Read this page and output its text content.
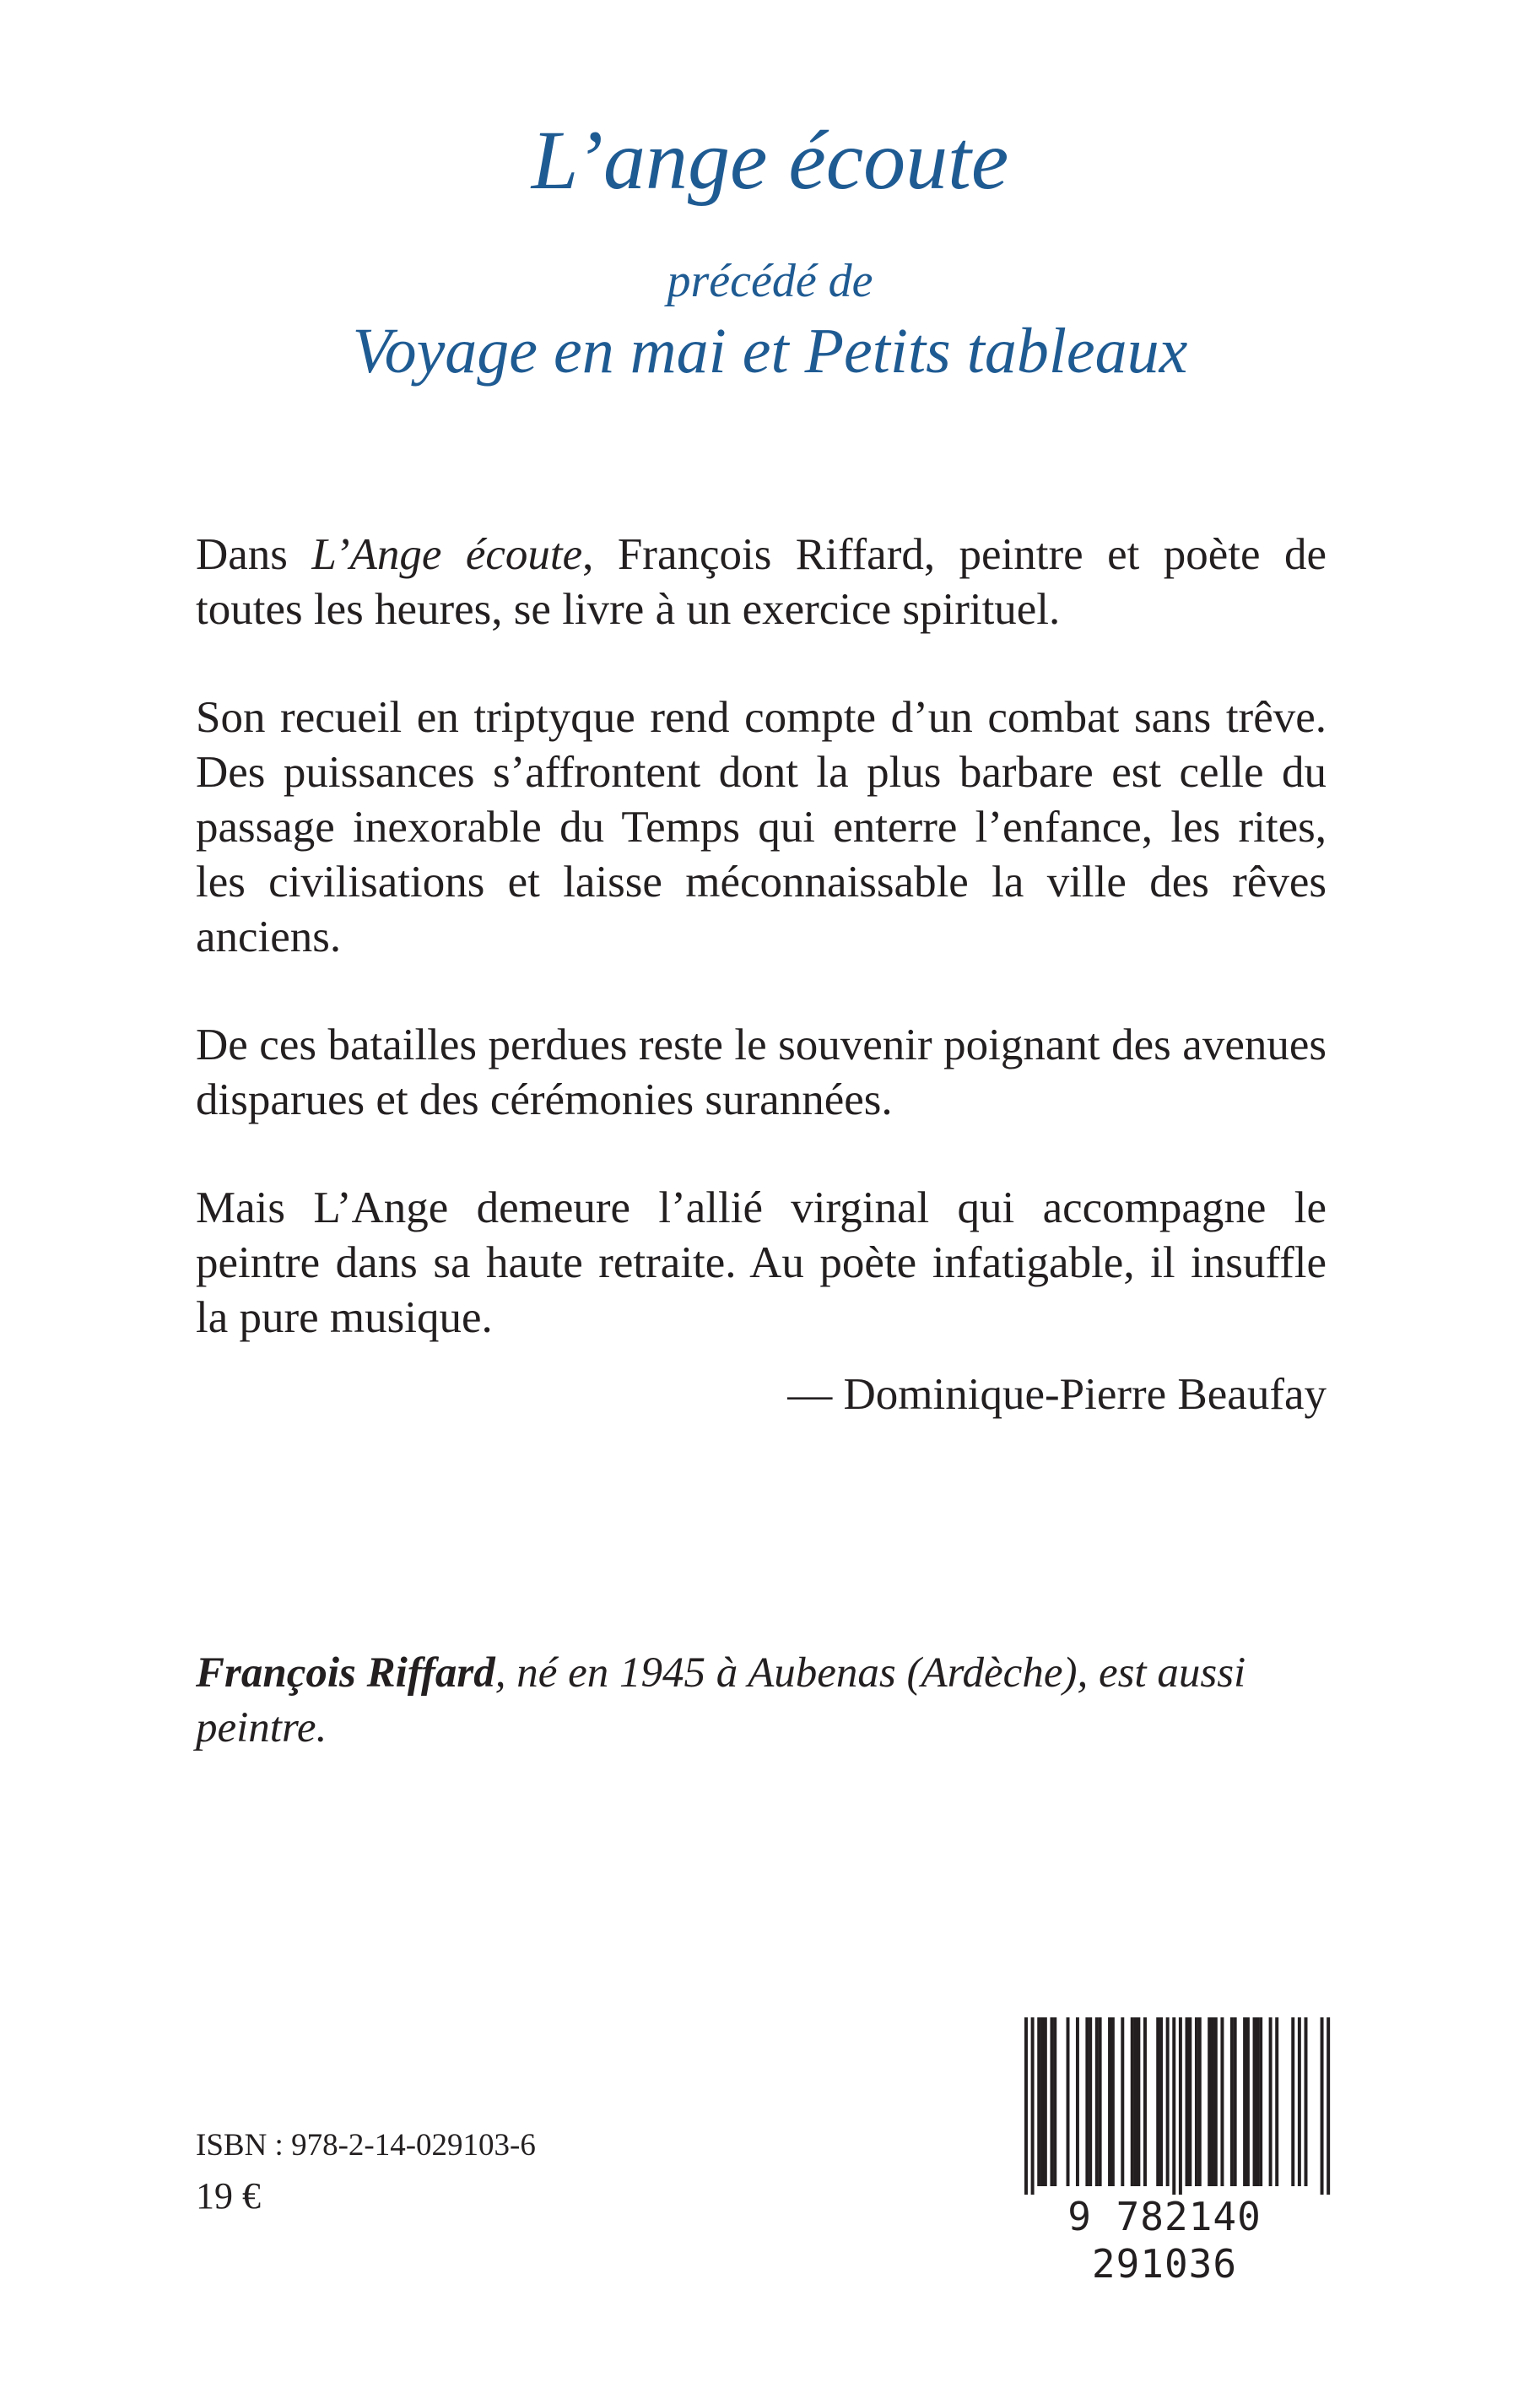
L’ange écoute
précédé de
Voyage en mai et Petits tableaux

Dans L’Ange écoute, François Riffard, peintre et poète de toutes les heures, se livre à un exercice spirituel.

Son recueil en triptyque rend compte d’un combat sans trêve. Des puissances s’affrontent dont la plus barbare est celle du passage inexorable du Temps qui enterre l’enfance, les rites, les civilisations et laisse méconnaissable la ville des rêves anciens.

De ces batailles perdues reste le souvenir poignant des avenues disparues et des cérémonies surannées.

Mais L’Ange demeure l’allié virginal qui accompagne le peintre dans sa haute retraite. Au poète infatigable, il insuffle la pure musique.

— Dominique-Pierre Beaufay
François Riffard, né en 1945 à Aubenas (Ardèche), est aussi peintre.
ISBN : 978-2-14-029103-6
19 €	9 782140 291036
